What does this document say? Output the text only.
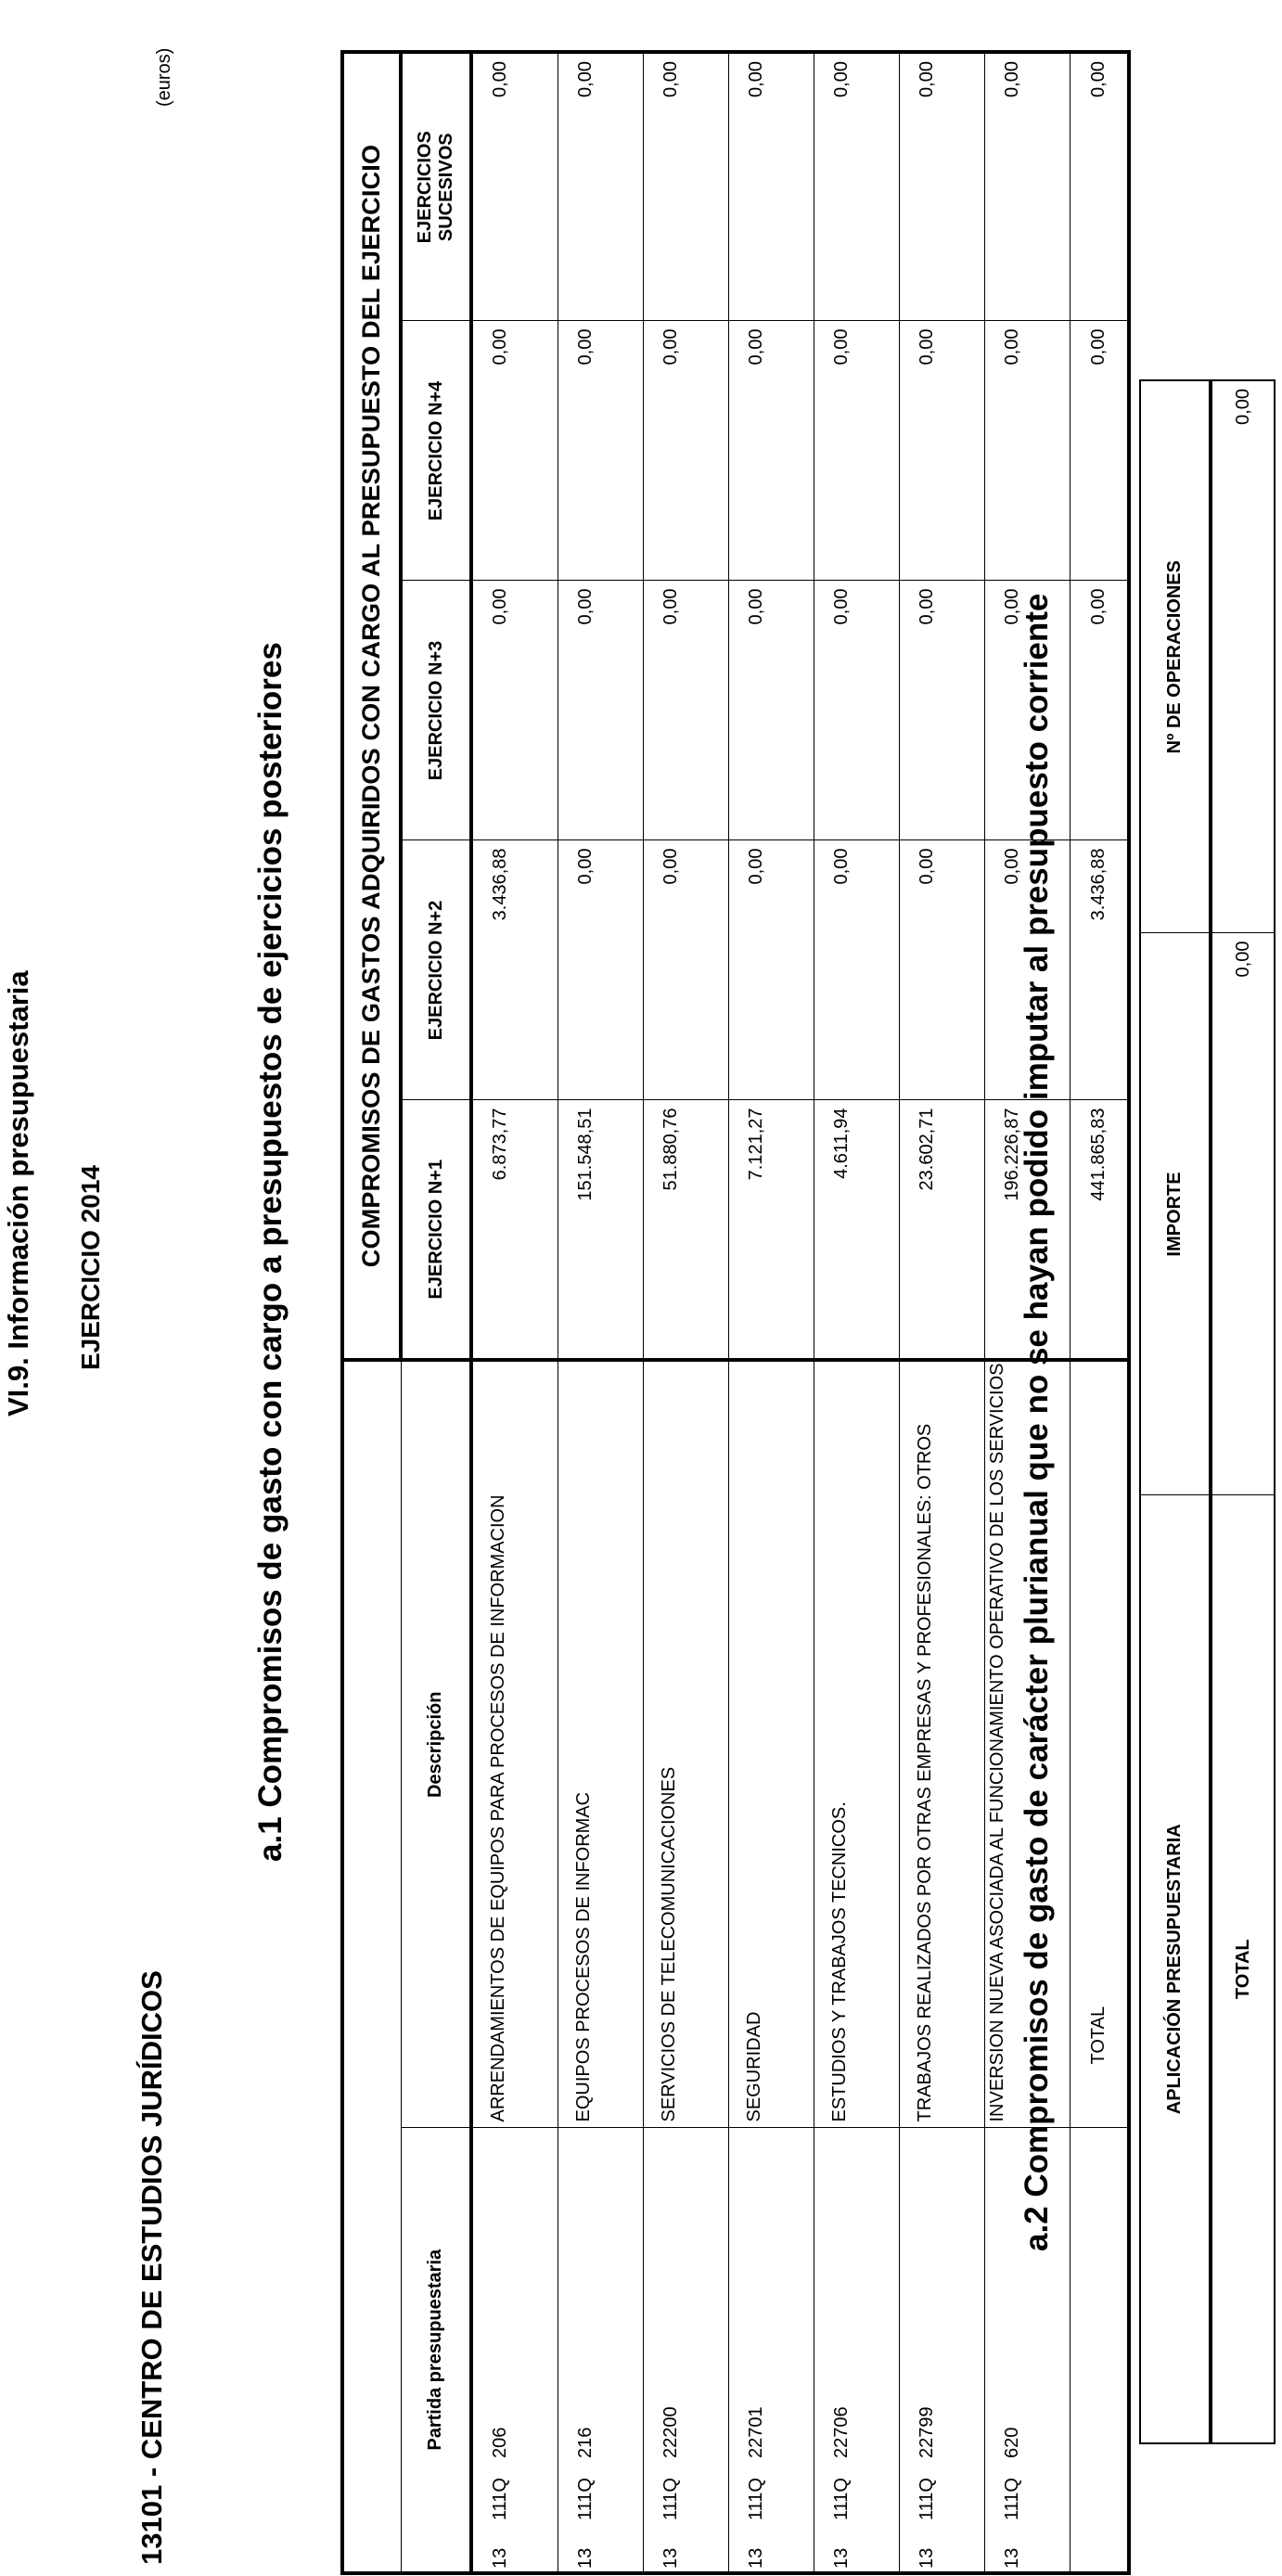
VI.9. Información presupuestaria EJERCICIO 2014
13101 - CENTRO DE ESTUDIOS JURÍDICOS
(euros)
a.1 Compromisos de gasto con cargo a presupuestos de ejercicios posteriores
		COMPROMISOS DE GASTOS ADQUIRIDOS CON CARGO AL PRESUPUESTO DEL EJERCICIO				
Partida presupuestaria	Descripción	EJERCICIO N+1	EJERCICIO N+2	EJERCICIO N+3	EJERCICIO N+4	EJERCICIOS SUCESIVOS

13111Q206	ARRENDAMIENTOS DE EQUIPOS PARA PROCESOS DE INFORMACION	6.873,77	3.436,88	0,00	0,00	0,00
13111Q216	EQUIPOS PROCESOS DE INFORMAC	151.548,51	0,00	0,00	0,00	0,00
13111Q22200	SERVICIOS DE TELECOMUNICACIONES	51.880,76	0,00	0,00	0,00	0,00
13111Q22701	SEGURIDAD	7.121,27	0,00	0,00	0,00	0,00
13111Q22706	ESTUDIOS Y TRABAJOS TECNICOS.	4.611,94	0,00	0,00	0,00	0,00
13111Q22799	TRABAJOS REALIZADOS POR OTRAS EMPRESAS Y PROFESIONALES: OTROS	23.602,71	0,00	0,00	0,00	0,00
13111Q620	INVERSION NUEVA ASOCIADA AL FUNCIONAMIENTO OPERATIVO DE LOS SERVICIOS	196.226,87	0,00	0,00	0,00	0,00
	TOTAL	441.865,83	3.436,88	0,00	0,00	0,00
a.2 Compromisos de gasto de carácter plurianual que no se hayan podido imputar al presupuesto corriente	APLICACIÓN PRESUPUESTARIA	IMPORTE	Nº DE OPERACIONES
TOTAL	0,00	0,00
